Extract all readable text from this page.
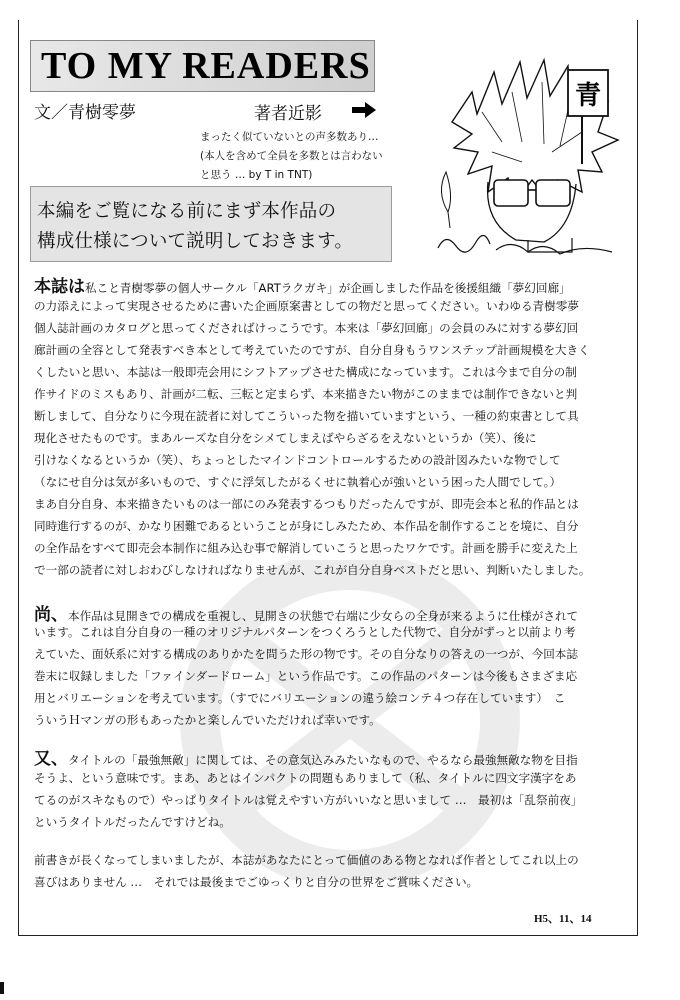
TO MY READERS
文／青樹零夢	著者近影
まったく似ていないとの声多数あり…
(本人を含めて全員を多数とは言わない
と思う … by T in TNT)
青
本編をご覧になる前にまず本作品の
構成仕様について説明しておきます。
本誌は私こと青樹零夢の個人サークル「ARTラクガキ」が企画しました作品を後援組織「夢幻回廊」
の力添えによって実現させるために書いた企画原案書としての物だと思ってください。いわゆる青樹零夢
個人誌計画のカタログと思ってくださればけっこうです。本来は「夢幻回廊」の会員のみに対する夢幻回
廊計画の全容として発表すべき本として考えていたのですが、自分自身もうワンステップ計画規模を大きく
くしたいと思い、本誌は一般即売会用にシフトアップさせた構成になっています。これは今まで自分の制
作サイドのミスもあり、計画が二転、三転と定まらず、本来描きたい物がこのままでは制作できないと判
断しまして、自分なりに今現在読者に対してこういった物を描いていますという、一種の約束書として具
現化させたものです。まあルーズな自分をシメてしまえばやらざるをえないというか（笑）、後に
引けなくなるというか（笑）、ちょっとしたマインドコントロールするための設計図みたいな物でして
（なにせ自分は気が多いもので、すぐに浮気したがるくせに執着心が強いという困った人間でして。）
まあ自分自身、本来描きたいものは一部にのみ発表するつもりだったんですが、即売会本と私的作品とは
同時進行するのが、かなり困難であるということが身にしみたため、本作品を制作することを境に、自分
の全作品をすべて即売会本制作に組み込む事で解消していこうと思ったワケです。計画を勝手に変えた上
で一部の読者に対しおわびしなければなりませんが、これが自分自身ベストだと思い、判断いたしました。
尚、本作品は見開きでの構成を重視し、見開きの状態で右端に少女らの全身が来るように仕様がされて
います。これは自分自身の一種のオリジナルパターンをつくろうとした代物で、自分がずっと以前より考
えていた、面妖系に対する構成のありかたを問うた形の物です。その自分なりの答えの一つが、今回本誌
巻末に収録しました「ファインダードローム」という作品です。この作品のパターンは今後もさまざま応
用とバリエーションを考えています。（すでにバリエーションの違う絵コンテ４つ存在しています）　こ
ういうＨマンガの形もあったかと楽しんでいただければ幸いです。
又、タイトルの「最強無敵」に関しては、その意気込みみたいなもので、やるなら最強無敵な物を目指
そうよ、という意味です。まあ、あとはインパクトの問題もありまして（私、タイトルに四文字漢字をあ
てるのがスキなもので）やっぱりタイトルは覚えやすい方がいいなと思いまして …　最初は「乱祭前夜」
というタイトルだったんですけどね。
前書きが長くなってしまいましたが、本誌があなたにとって価値のある物となれば作者としてこれ以上の
喜びはありません …　それでは最後までごゆっくりと自分の世界をご賞味ください。
H5、11、14
